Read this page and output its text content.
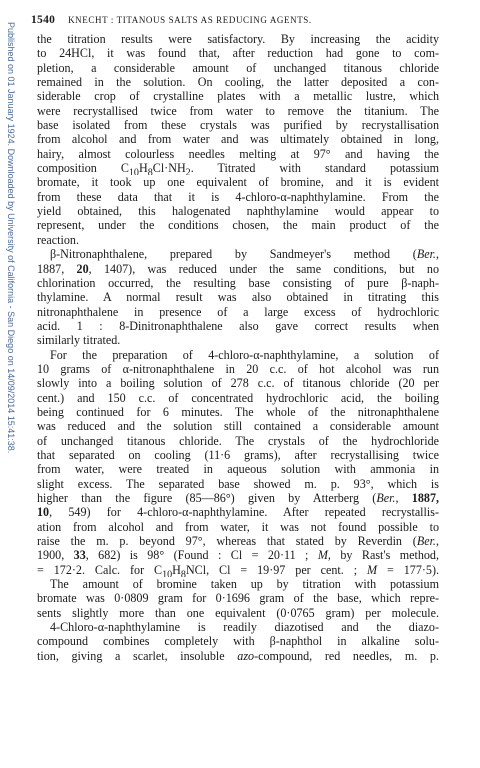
1540 KNECHT : TITANOUS SALTS AS REDUCING AGENTS.
Published on 01 January 1924. Downloaded by University of California - San Diego on 14/09/2014 15:41:38. the titration results were satisfactory. By increasing the acidity
to 24HCl, it was found that, after reduction had gone to com-
pletion, a considerable amount of unchanged titanous chloride
remained in the solution. On cooling, the latter deposited a con-
siderable crop of crystalline plates with a metallic lustre, which
were recrystallised twice from water to remove the titanium. The
base isolated from these crystals was purified by recrystallisation
from alcohol and from water and was ultimately obtained in long,
hairy, almost colourless needles melting at 97° and having the
composition $C_{10}H_8Cl\cdot NH_2$. Titrated with standard potassium
bromate, it took up one equivalent of bromine, and it is evident
from these data that it is 4-chloro-α-naphthylamine. From the
yield obtained, this halogenated naphthylamine would appear to
represent, under the conditions chosen, the main product of the
reaction.
β-Nitronaphthalene, prepared by Sandmeyer's method (Ber.,
1887, 20, 1407), was reduced under the same conditions, but no
chlorination occurred, the resulting base consisting of pure β-naph-
thylamine. A normal result was also obtained in titrating this
nitronaphthalene in presence of a large excess of hydrochloric
acid. 1 : 8-Dinitronaphthalene also gave correct results when
similarly titrated.
For the preparation of 4-chloro-α-naphthylamine, a solution of
10 grams of α-nitronaphthalene in 20 c.c. of hot alcohol was run
slowly into a boiling solution of 278 c.c. of titanous chloride (20 per
cent.) and 150 c.c. of concentrated hydrochloric acid, the boiling
being continued for 6 minutes. The whole of the nitronaphthalene
was reduced and the solution still contained a considerable amount
of unchanged titanous chloride. The crystals of the hydrochloride
that separated on cooling (11·6 grams), after recrystallising twice
from water, were treated in aqueous solution with ammonia in
slight excess. The separated base showed m. p. 93°, which is
higher than the figure (85—86°) given by Atterberg (Ber., 1887,
10, 549) for 4-chloro-α-naphthylamine. After repeated recrystallis-
ation from alcohol and from water, it was not found possible to
raise the m. p. beyond 97°, whereas that stated by Reverdin (Ber.,
1900, 33, 682) is 98° (Found : Cl = 20·11 ; M, by Rast's method,
= 172·2. Calc. for $C_{10}H_8NCl$, Cl = 19·97 per cent. ; M = 177·5).
The amount of bromine taken up by titration with potassium
bromate was 0·0809 gram for 0·1696 gram of the base, which repre-
sents slightly more than one equivalent (0·0765 gram) per molecule.
4-Chloro-α-naphthylamine is readily diazotised and the diazo-
compound combines completely with β-naphthol in alkaline solu-
tion, giving a scarlet, insoluble azo-compound, red needles, m. p.
